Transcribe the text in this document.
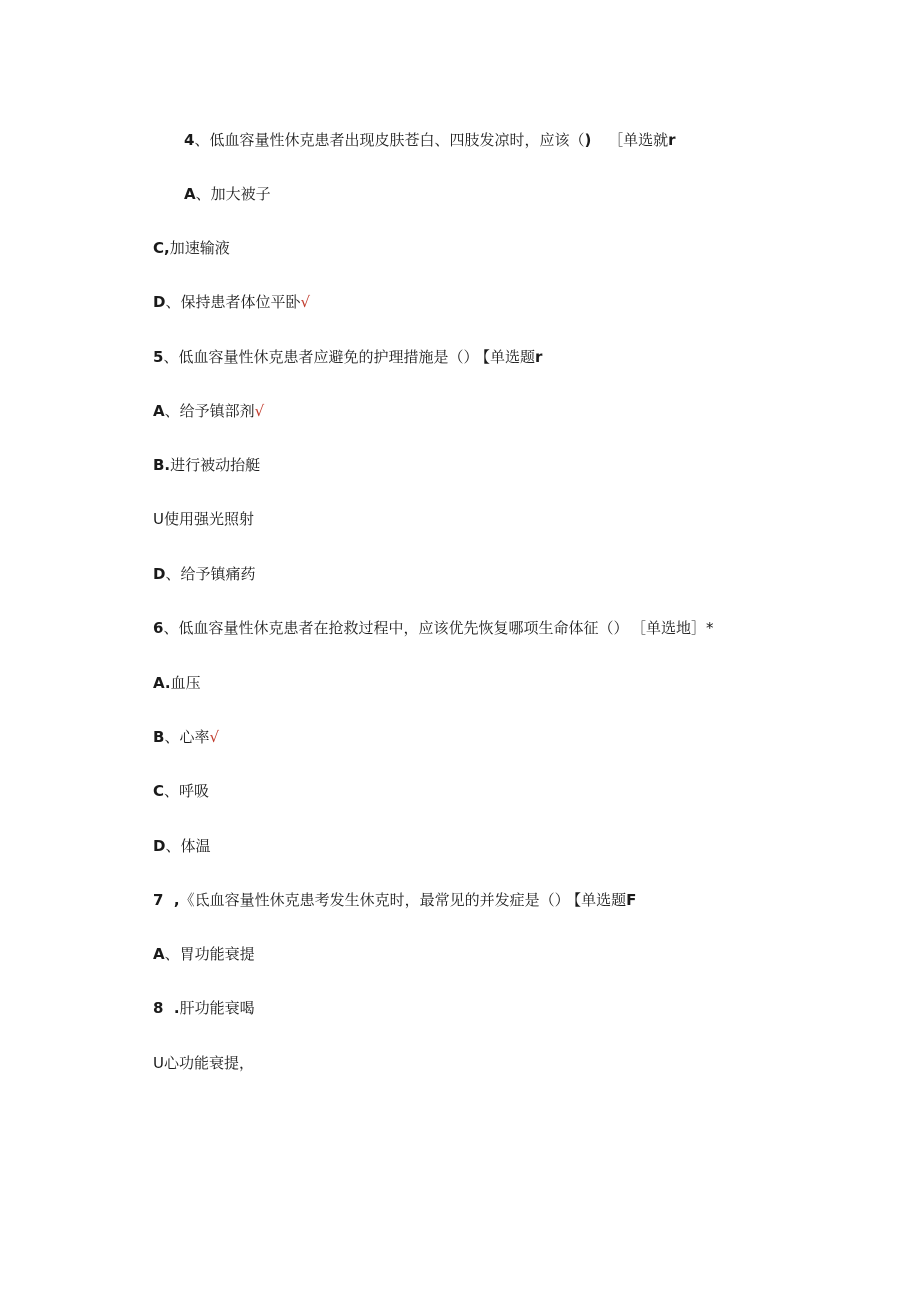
4、低血容量性休克患者出现皮肤苍白、四肢发凉时，应该（) ［单选就r
A、加大被子
C,加速输液
D、保持患者体位平卧√
5、低血容量性休克患者应避免的护理措施是（） 【单选题r
A、给予镇部剂√
B.进行被动抬艇
U使用强光照射
D、给予镇痛药
6、低血容量性休克患者在抢救过程中，应该优先恢复哪项生命体征（） ［单选地］*
A.血压
B、心率√
C、呼吸
D、体温
7  ,《氐血容量性休克患考发生休克时，最常见的并发症是（） 【单选题F
A、胃功能衰提
8  .肝功能衰喝
U心功能衰提，
